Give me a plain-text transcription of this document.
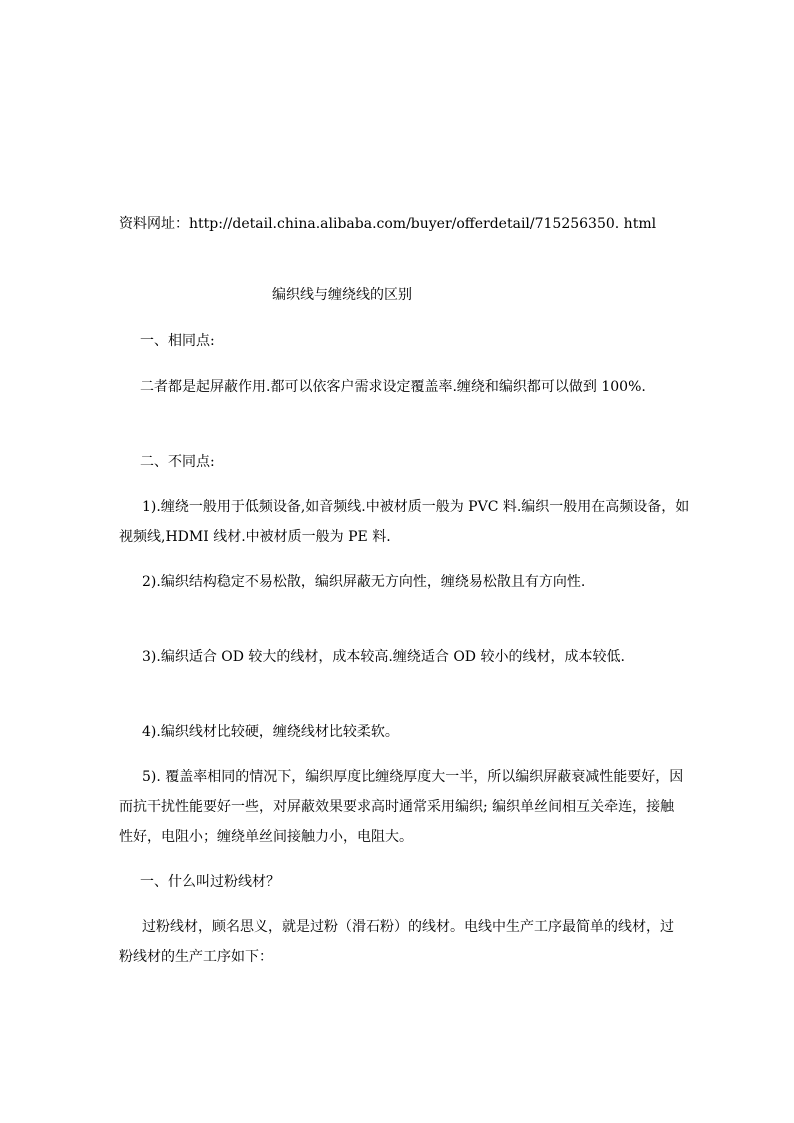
资料网址：http://detail.china.alibaba.com/buyer/offerdetail/715256350. html
编织线与缠绕线的区别
一、相同点:
二者都是起屏蔽作用.都可以依客户需求设定覆盖率.缠绕和编织都可以做到 100%.
二、不同点:
1).缠绕一般用于低频设备,如音频线.中被材质一般为 PVC 料.编织一般用在高频设备，如
视频线,HDMI 线材.中被材质一般为 PE 料.
2).编织结构稳定不易松散，编织屏蔽无方向性，缠绕易松散且有方向性.
3).编织适合 OD 较大的线材，成本较高.缠绕适合 OD 较小的线材，成本较低.
4).编织线材比较硬，缠绕线材比较柔软。
5). 覆盖率相同的情况下，编织厚度比缠绕厚度大一半，所以编织屏蔽衰减性能要好，因
而抗干扰性能要好一些，对屏蔽效果要求高时通常采用编织; 编织单丝间相互关牵连，接触
性好，电阻小；缠绕单丝间接触力小，电阻大。
一、什么叫过粉线材？
过粉线材，顾名思义，就是过粉（滑石粉）的线材。电线中生产工序最简单的线材，过
粉线材的生产工序如下：
